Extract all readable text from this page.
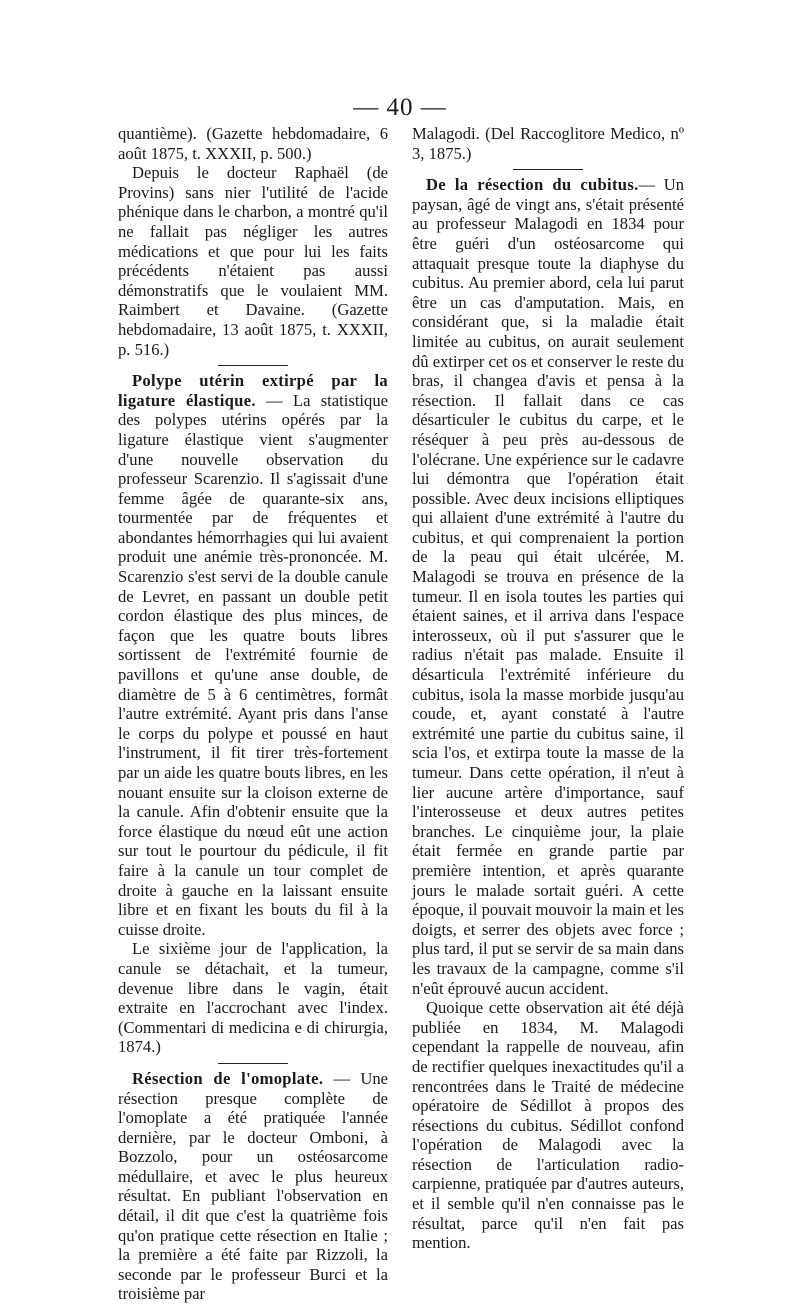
— 40 —

quantième). (Gazette hebdomadaire, 6 août 1875, t. XXXII, p. 500.)

Depuis le docteur Raphaël (de Provins) sans nier l'utilité de l'acide phénique dans le charbon, a montré qu'il ne fallait pas négliger les autres médications et que pour lui les faits précédents n'étaient pas aussi démonstratifs que le voulaient MM. Raimbert et Davaine. (Gazette hebdomadaire, 13 août 1875, t. XXXII, p. 516.)

Polype utérin extirpé par la ligature élastique. — La statistique des polypes utérins opérés par la ligature élastique vient s'augmenter d'une nouvelle observation du professeur Scarenzio. Il s'agissait d'une femme âgée de quarante-six ans, tourmentée par de fréquentes et abondantes hémorrhagies qui lui avaient produit une anémie très-prononcée. M. Scarenzio s'est servi de la double canule de Levret, en passant un double petit cordon élastique des plus minces, de façon que les quatre bouts libres sortissent de l'extrémité fournie de pavillons et qu'une anse double, de diamètre de 5 à 6 centimètres, formât l'autre extrémité. Ayant pris dans l'anse le corps du polype et poussé en haut l'instrument, il fit tirer très-fortement par un aide les quatre bouts libres, en les nouant ensuite sur la cloison externe de la canule. Afin d'obtenir ensuite que la force élastique du nœud eût une action sur tout le pourtour du pédicule, il fit faire à la canule un tour complet de droite à gauche en la laissant ensuite libre et en fixant les bouts du fil à la cuisse droite.

Le sixième jour de l'application, la canule se détachait, et la tumeur, devenue libre dans le vagin, était extraite en l'accrochant avec l'index. (Commentari di medicina e di chirurgia, 1874.)

Résection de l'omoplate. — Une résection presque complète de l'omoplate a été pratiquée l'année dernière, par le docteur Omboni, à Bozzolo, pour un ostéosarcome médullaire, et avec le plus heureux résultat. En publiant l'observation en détail, il dit que c'est la quatrième fois qu'on pratique cette résection en Italie ; la première a été faite par Rizzoli, la seconde par le professeur Burci et la troisième par

Malagodi. (Del Raccoglitore Medico, nº 3, 1875.)

De la résection du cubitus.— Un paysan, âgé de vingt ans, s'était présenté au professeur Malagodi en 1834 pour être guéri d'un ostéosarcome qui attaquait presque toute la diaphyse du cubitus. Au premier abord, cela lui parut être un cas d'amputation. Mais, en considérant que, si la maladie était limitée au cubitus, on aurait seulement dû extirper cet os et conserver le reste du bras, il changea d'avis et pensa à la résection. Il fallait dans ce cas désarticuler le cubitus du carpe, et le réséquer à peu près au-dessous de l'olécrane. Une expérience sur le cadavre lui démontra que l'opération était possible. Avec deux incisions elliptiques qui allaient d'une extrémité à l'autre du cubitus, et qui comprenaient la portion de la peau qui était ulcérée, M. Malagodi se trouva en présence de la tumeur. Il en isola toutes les parties qui étaient saines, et il arriva dans l'espace interosseux, où il put s'assurer que le radius n'était pas malade. Ensuite il désarticula l'extrémité inférieure du cubitus, isola la masse morbide jusqu'au coude, et, ayant constaté à l'autre extrémité une partie du cubitus saine, il scia l'os, et extirpa toute la masse de la tumeur. Dans cette opération, il n'eut à lier aucune artère d'importance, sauf l'interosseuse et deux autres petites branches. Le cinquième jour, la plaie était fermée en grande partie par première intention, et après quarante jours le malade sortait guéri. A cette époque, il pouvait mouvoir la main et les doigts, et serrer des objets avec force ; plus tard, il put se servir de sa main dans les travaux de la campagne, comme s'il n'eût éprouvé aucun accident.

Quoique cette observation ait été déjà publiée en 1834, M. Malagodi cependant la rappelle de nouveau, afin de rectifier quelques inexactitudes qu'il a rencontrées dans le Traité de médecine opératoire de Sédillot à propos des résections du cubitus. Sédillot confond l'opération de Malagodi avec la résection de l'articulation radio-carpienne, pratiquée par d'autres auteurs, et il semble qu'il n'en connaisse pas le résultat, parce qu'il n'en fait pas mention.
